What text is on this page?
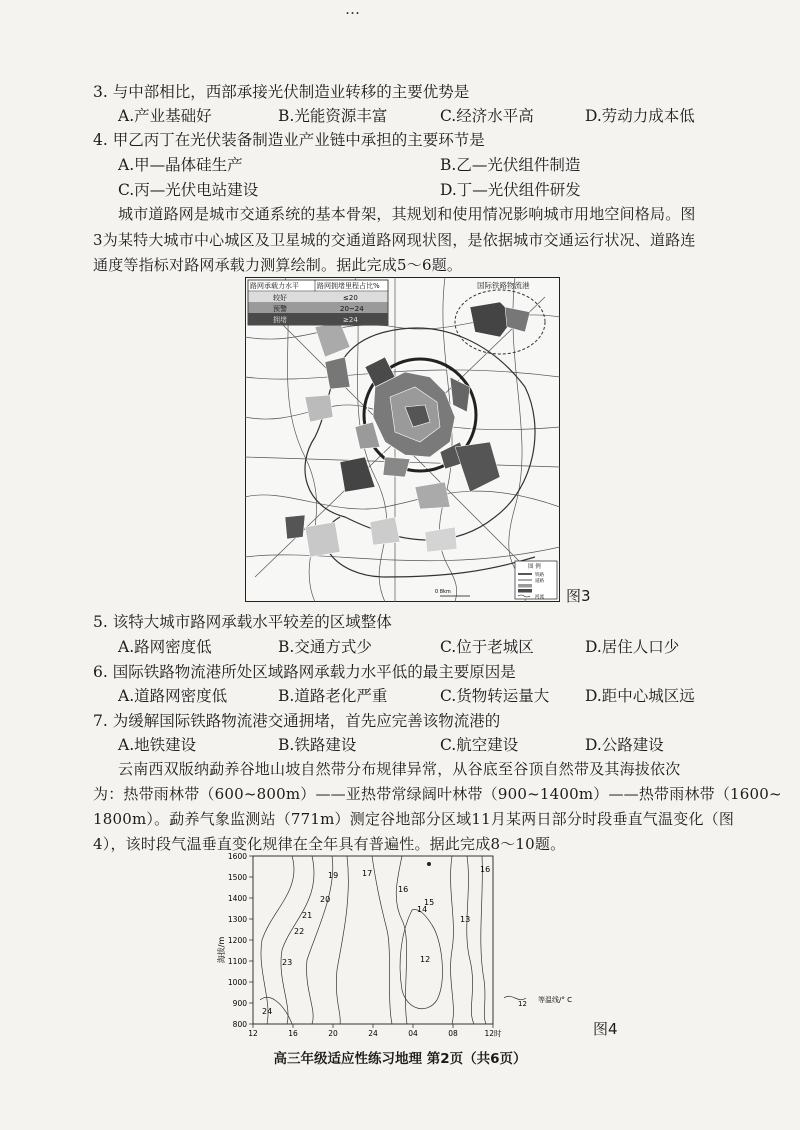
…
3. 与中部相比，西部承接光伏制造业转移的主要优势是
A.产业基础好	B.光能资源丰富	C.经济水平高	D.劳动力成本低
4. 甲乙丙丁在光伏装备制造业产业链中承担的主要环节是
A.甲—晶体硅生产	B.乙—光伏组件制造
C.丙—光伏电站建设	D.丁—光伏组件研发
城市道路网是城市交通系统的基本骨架，其规划和使用情况影响城市用地空间格局。图
3为某特大城市中心城区及卫星城的交通道路网现状图，是依据城市交通运行状况、道路连
通度等指标对路网承载力测算绘制。据此完成5～6题。
路网承载力水平	路网拥堵里程占比%
较好	≤20
预警	20~24
拥堵	≥24
国际铁路物流港
图 例
铁路
道路
河流
0 8km	图3
5. 该特大城市路网承载水平较差的区域整体
A.路网密度低	B.交通方式少	C.位于老城区	D.居住人口少
6. 国际铁路物流港所处区域路网承载力水平低的最主要原因是
A.道路网密度低	B.道路老化严重	C.货物转运量大 D.距中心城区远
7. 为缓解国际铁路物流港交通拥堵，首先应完善该物流港的
A.地铁建设	B.铁路建设	C.航空建设	D.公路建设
云南西双版纳勐养谷地山坡自然带分布规律异常，从谷底至谷顶自然带及其海拔依次
为：热带雨林带（600~800m）——亚热带常绿阔叶林带（900~1400m）——热带雨林带（1600~
1800m）。勐养气象监测站（771m）测定谷地部分区域11月某两日部分时段垂直气温变化（图
4），该时段气温垂直变化规律在全年具有普遍性。据此完成8～10题。
海拔/m
1600
1500
1400
1300
1200
1100
1000
900
800
12	16	20	24	04	08	12时
19	17
20
16
15
14
13
21
22
23	12
24
16
12 等温线/° C
图4
高三年级适应性练习地理 第2页（共6页）
